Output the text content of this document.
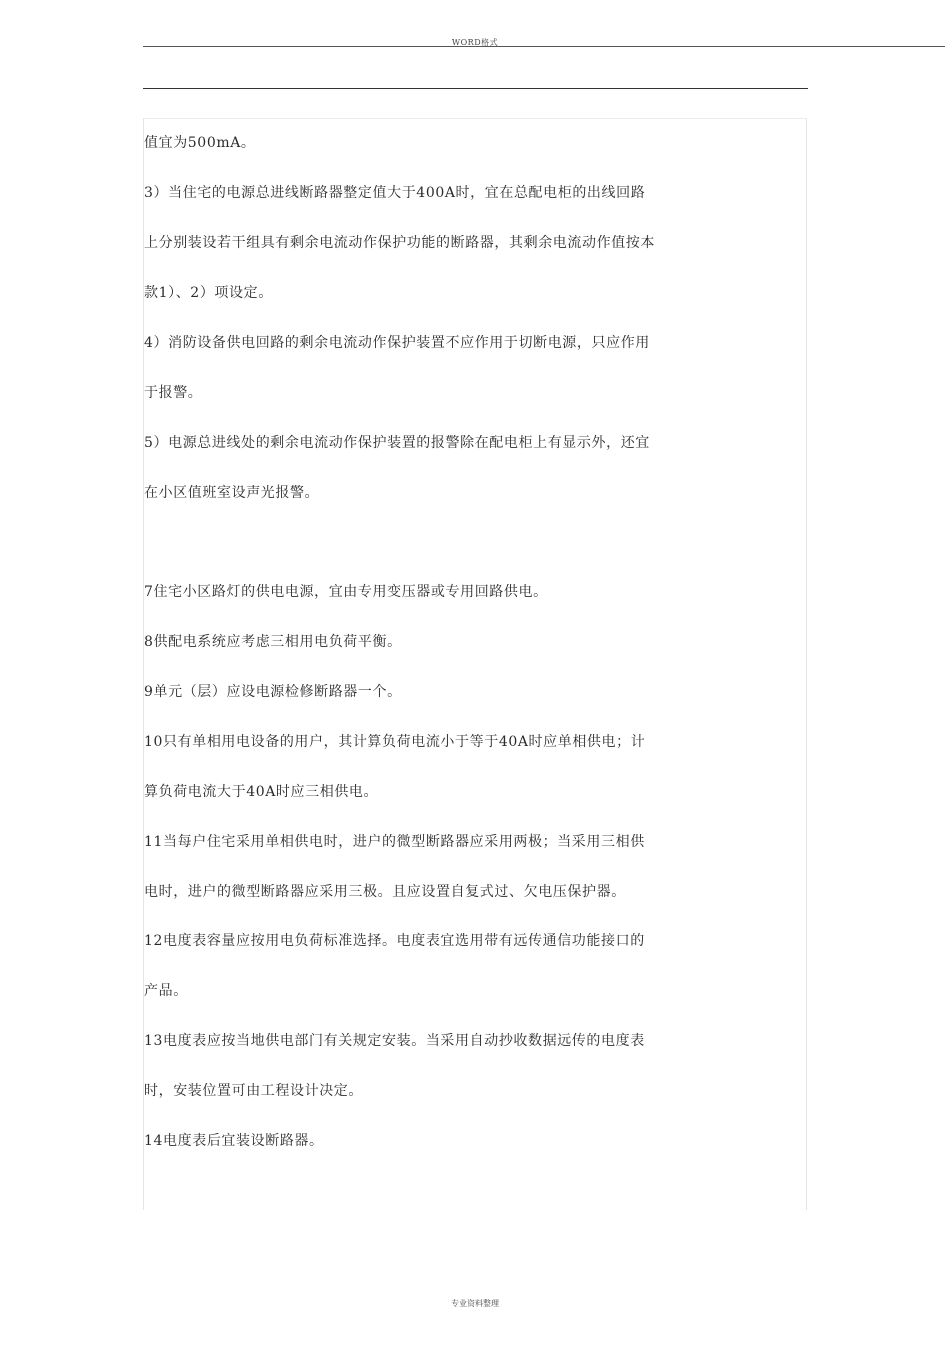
WORD格式
值宜为500mA。
3）当住宅的电源总进线断路器整定值大于400A时，宜在总配电柜的出线回路
上分别装设若干组具有剩余电流动作保护功能的断路器，其剩余电流动作值按本
款1）、2）项设定。
4）消防设备供电回路的剩余电流动作保护装置不应作用于切断电源，只应作用
于报警。
5）电源总进线处的剩余电流动作保护装置的报警除在配电柜上有显示外，还宜
在小区值班室设声光报警。
7住宅小区路灯的供电电源，宜由专用变压器或专用回路供电。
8供配电系统应考虑三相用电负荷平衡。
9单元（层）应设电源检修断路器一个。
10只有单相用电设备的用户，其计算负荷电流小于等于40A时应单相供电；计
算负荷电流大于40A时应三相供电。
11当每户住宅采用单相供电时，进户的微型断路器应采用两极；当采用三相供
电时，进户的微型断路器应采用三极。且应设置自复式过、欠电压保护器。
12电度表容量应按用电负荷标准选择。电度表宜选用带有远传通信功能接口的
产品。
13电度表应按当地供电部门有关规定安装。当采用自动抄收数据远传的电度表
时，安装位置可由工程设计决定。
14电度表后宜装设断路器。
专业资料整理
